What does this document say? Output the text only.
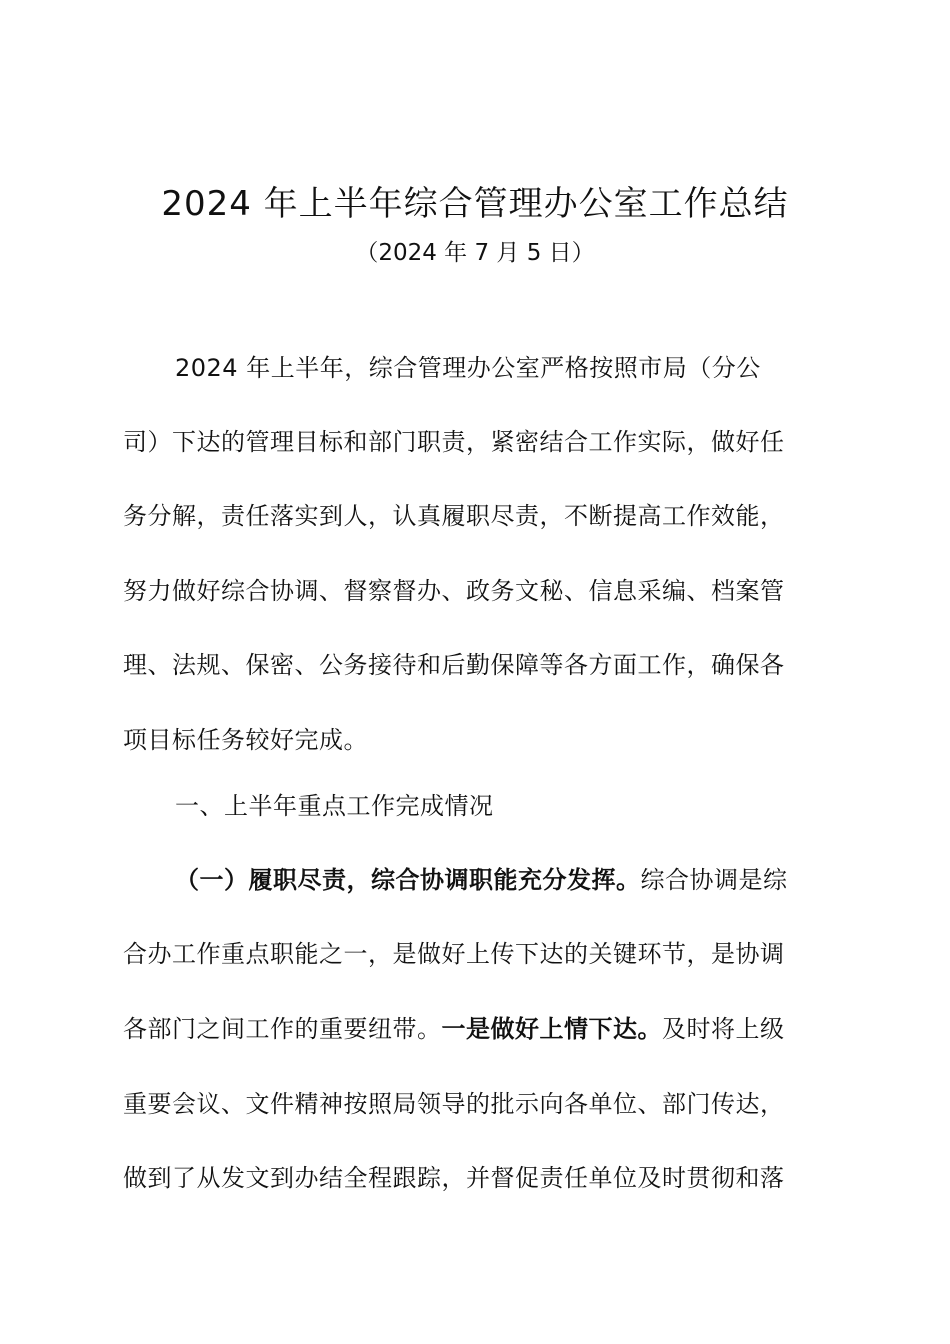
2024 年上半年综合管理办公室工作总结
（2024 年 7 月 5 日）
2024 年上半年，综合管理办公室严格按照市局（分公
司）下达的管理目标和部门职责，紧密结合工作实际，做好任
务分解，责任落实到人，认真履职尽责，不断提高工作效能，
努力做好综合协调、督察督办、政务文秘、信息采编、档案管
理、法规、保密、公务接待和后勤保障等各方面工作，确保各
项目标任务较好完成。
一、上半年重点工作完成情况
（一）履职尽责，综合协调职能充分发挥。综合协调是综
合办工作重点职能之一，是做好上传下达的关键环节，是协调
各部门之间工作的重要纽带。一是做好上情下达。及时将上级
重要会议、文件精神按照局领导的批示向各单位、部门传达，
做到了从发文到办结全程跟踪，并督促责任单位及时贯彻和落
